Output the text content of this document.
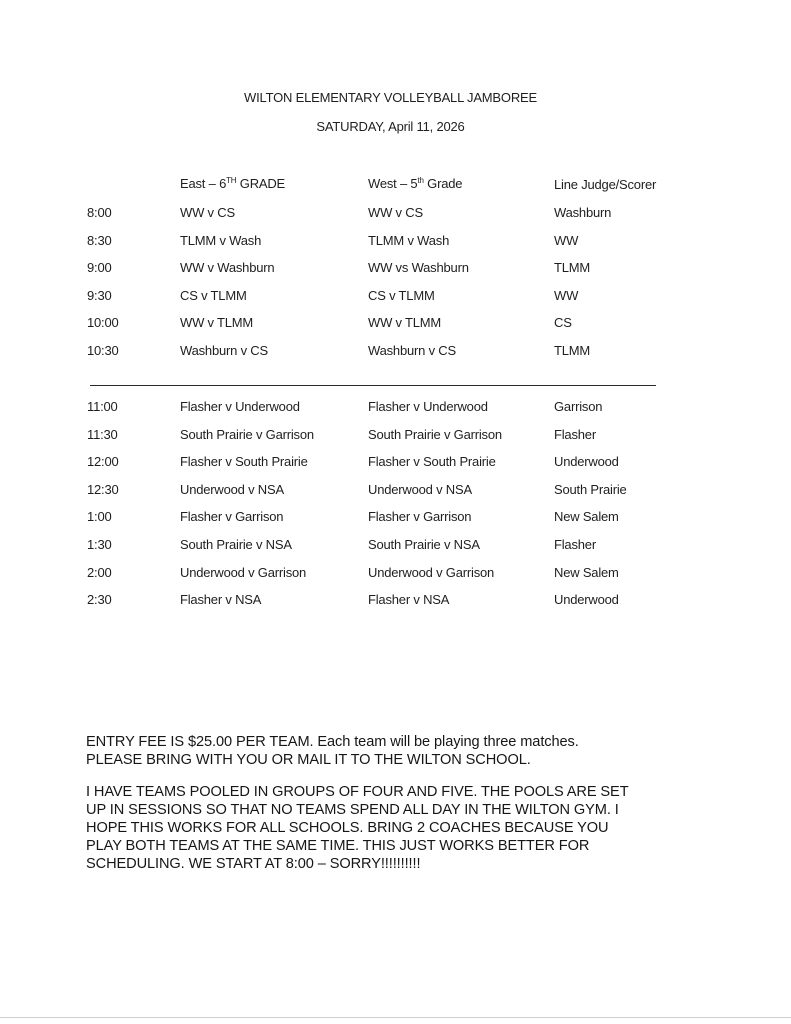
WILTON ELEMENTARY VOLLEYBALL JAMBOREE
SATURDAY, April 11, 2026
East – 6TH GRADE	West – 5th Grade	Line Judge/Scorer
8:00	WW v CS	WW v CS	Washburn
8:30	TLMM v Wash	TLMM v Wash	WW
9:00	WW v Washburn	WW vs Washburn	TLMM
9:30	CS v TLMM	CS v TLMM	WW
10:00	WW v TLMM	WW v TLMM	CS
10:30	Washburn v CS	Washburn v CS	TLMM
11:00	Flasher v Underwood	Flasher v Underwood	Garrison
11:30	South Prairie v Garrison	South Prairie v Garrison	Flasher
12:00	Flasher v South Prairie	Flasher v South Prairie	Underwood
12:30	Underwood v NSA	Underwood v NSA	South Prairie
1:00	Flasher v Garrison	Flasher v Garrison	New Salem
1:30	South Prairie v NSA	South Prairie v NSA	Flasher
2:00	Underwood v Garrison	Underwood v Garrison	New Salem
2:30	Flasher v NSA	Flasher v NSA	Underwood
ENTRY FEE IS $25.00 PER TEAM. Each team will be playing three matches.
PLEASE BRING WITH YOU OR MAIL IT TO THE WILTON SCHOOL.
I HAVE TEAMS POOLED IN GROUPS OF FOUR AND FIVE. THE POOLS ARE SET
UP IN SESSIONS SO THAT NO TEAMS SPEND ALL DAY IN THE WILTON GYM. I
HOPE THIS WORKS FOR ALL SCHOOLS. BRING 2 COACHES BECAUSE YOU
PLAY BOTH TEAMS AT THE SAME TIME. THIS JUST WORKS BETTER FOR
SCHEDULING. WE START AT 8:00 – SORRY!!!!!!!!!!
